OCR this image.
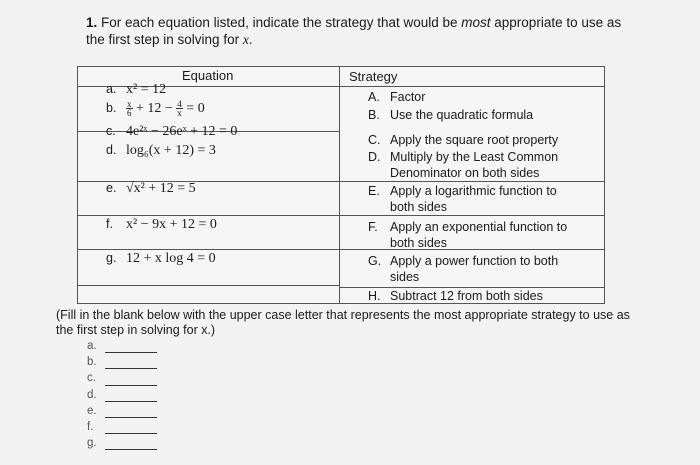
1. For each equation listed, indicate the strategy that would be most appropriate to use as the first step in solving for x.
Equation	Strategy
a. x² = 12
b. $\frac{x}{6} + 12 - \frac{4}{x} = 0$
c. 4e²ˣ − 26eˣ + 12 = 0
d. log₆(x + 12) = 3
e. √x² + 12 = 5
f. x² − 9x + 12 = 0
g. 12 + x log 4 = 0
A. Factor
B. Use the quadratic formula
C. Apply the square root property
D. Multiply by the Least Common Denominator on both sides
E. Apply a logarithmic function to both sides
F. Apply an exponential function to both sides
G. Apply a power function to both sides
H. Subtract 12 from both sides
(Fill in the blank below with the upper case letter that represents the most appropriate strategy to use as the first step in solving for x.)
a.
b.
c.
d.
e.
f.
g.
